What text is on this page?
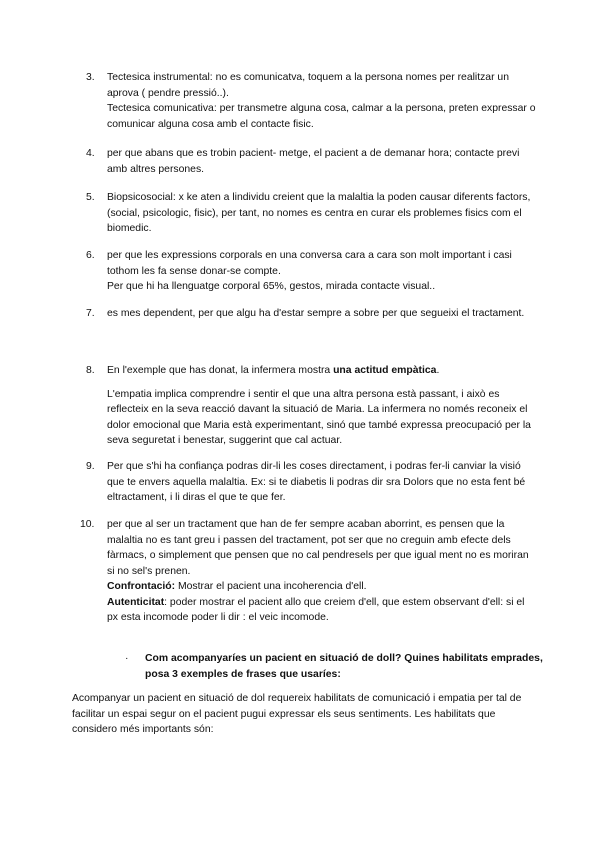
3. Tectesica instrumental: no es comunicatva, toquem a la persona nomes per realitzar un aprova ( pendre pressió..).

Tectesica comunicativa: per transmetre alguna cosa, calmar a la persona, preten expressar o comunicar alguna cosa amb el contacte fisic.

4. per que abans que es trobin pacient- metge, el pacient a de demanar hora; contacte previ amb altres persones.

5. Biopsicosocial: x ke aten a lindividu creient que la malaltia la poden causar diferents factors, (social, psicologic, fisic), per tant, no nomes es centra en curar els problemes fisics com el biomedic.

6. per que les expressions corporals en una conversa cara a cara son molt important i casi tothom les fa sense donar-se compte.

Per que hi ha llenguatge corporal 65%, gestos, mirada contacte visual..

7. es mes dependent, per que algu ha d'estar sempre a sobre per que segueixi el tractament.

8. En l'exemple que has donat, la infermera mostra una actitud empàtica.

L'empatia implica comprendre i sentir el que una altra persona està passant, i això es reflecteix en la seva reacció davant la situació de Maria. La infermera no només reconeix el dolor emocional que Maria està experimentant, sinó que també expressa preocupació per la seva seguretat i benestar, suggerint que cal actuar.

9. Per que s'hi ha confiança podras dir-li les coses directament, i podras fer-li canviar la visió que te envers aquella malaltia. Ex: si te diabetis li podras dir sra Dolors que no esta fent bé eltractament, i li diras el que te que fer.

10. per que al ser un tractament que han de fer sempre acaban aborrint, es pensen que la malaltia no es tant greu i passen del tractament, pot ser que no creguin amb efecte dels fàrmacs, o simplement que pensen que no cal pendresels per que igual ment no es moriran si no sel's prenen.

Confrontació: Mostrar el pacient una incoherencia d'ell.

Autenticitat: poder mostrar el pacient allo que creiem d'ell, que estem observant d'ell: si el px esta incomode poder li dir : el veic incomode.

· Com acompanyaríes un pacient en situació de doll? Quines habilitats emprades, posa 3 exemples de frases que usaríes:
Acompanyar un pacient en situació de dol requereix habilitats de comunicació i empatia per tal de facilitar un espai segur on el pacient pugui expressar els seus sentiments. Les habilitats que considero més importants són:
